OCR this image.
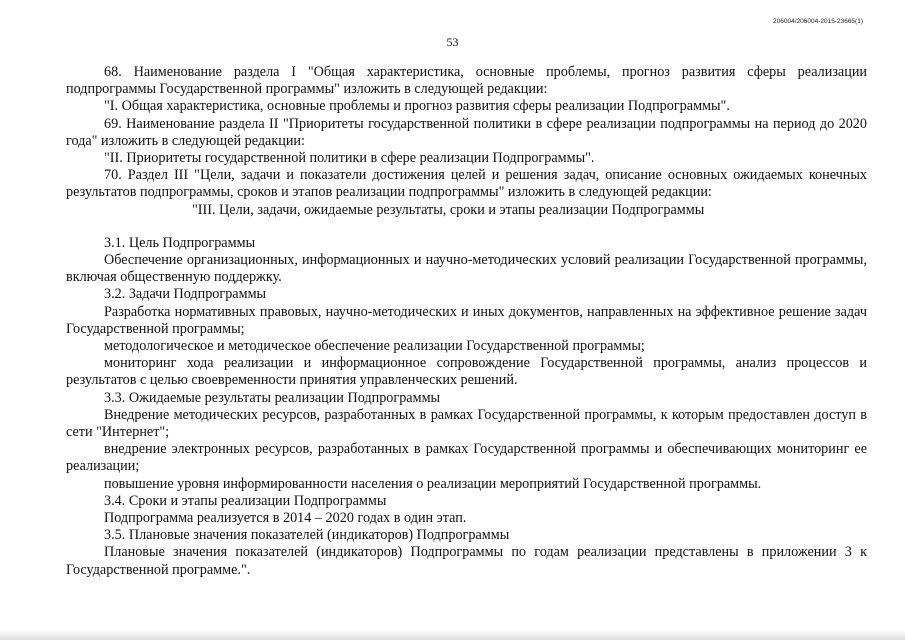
206004/206004-2015-23665(1)
53

68. Наименование раздела I "Общая характеристика, основные проблемы, прогноз развития сферы реализации подпрограммы Государственной программы" изложить в следующей редакции:

"I. Общая характеристика, основные проблемы и прогноз развития сферы реализации Подпрограммы".

69. Наименование раздела II "Приоритеты государственной политики в сфере реализации подпрограммы на период до 2020 года" изложить в следующей редакции:

"II. Приоритеты государственной политики в сфере реализации Подпрограммы".

70. Раздел III "Цели, задачи и показатели достижения целей и решения задач, описание основных ожидаемых конечных результатов подпрограммы, сроков и этапов реализации подпрограммы" изложить в следующей редакции:

"III. Цели, задачи, ожидаемые результаты, сроки и этапы реализации Подпрограммы

3.1. Цель Подпрограммы

Обеспечение организационных, информационных и научно-методических условий реализации Государственной программы, включая общественную поддержку.

3.2. Задачи Подпрограммы

Разработка нормативных правовых, научно-методических и иных документов, направленных на эффективное решение задач Государственной программы;

методологическое и методическое обеспечение реализации Государственной программы;

мониторинг хода реализации и информационное сопровождение Государственной программы, анализ процессов и результатов с целью своевременности принятия управленческих решений.

3.3. Ожидаемые результаты реализации Подпрограммы

Внедрение методических ресурсов, разработанных в рамках Государственной программы, к которым предоставлен доступ в сети "Интернет";

внедрение электронных ресурсов, разработанных в рамках Государственной программы и обеспечивающих мониторинг ее реализации;

повышение уровня информированности населения о реализации мероприятий Государственной программы.

3.4. Сроки и этапы реализации Подпрограммы

Подпрограмма реализуется в 2014 – 2020 годах в один этап.

3.5. Плановые значения показателей (индикаторов) Подпрограммы

Плановые значения показателей (индикаторов) Подпрограммы по годам реализации представлены в приложении 3 к Государственной программе.".
